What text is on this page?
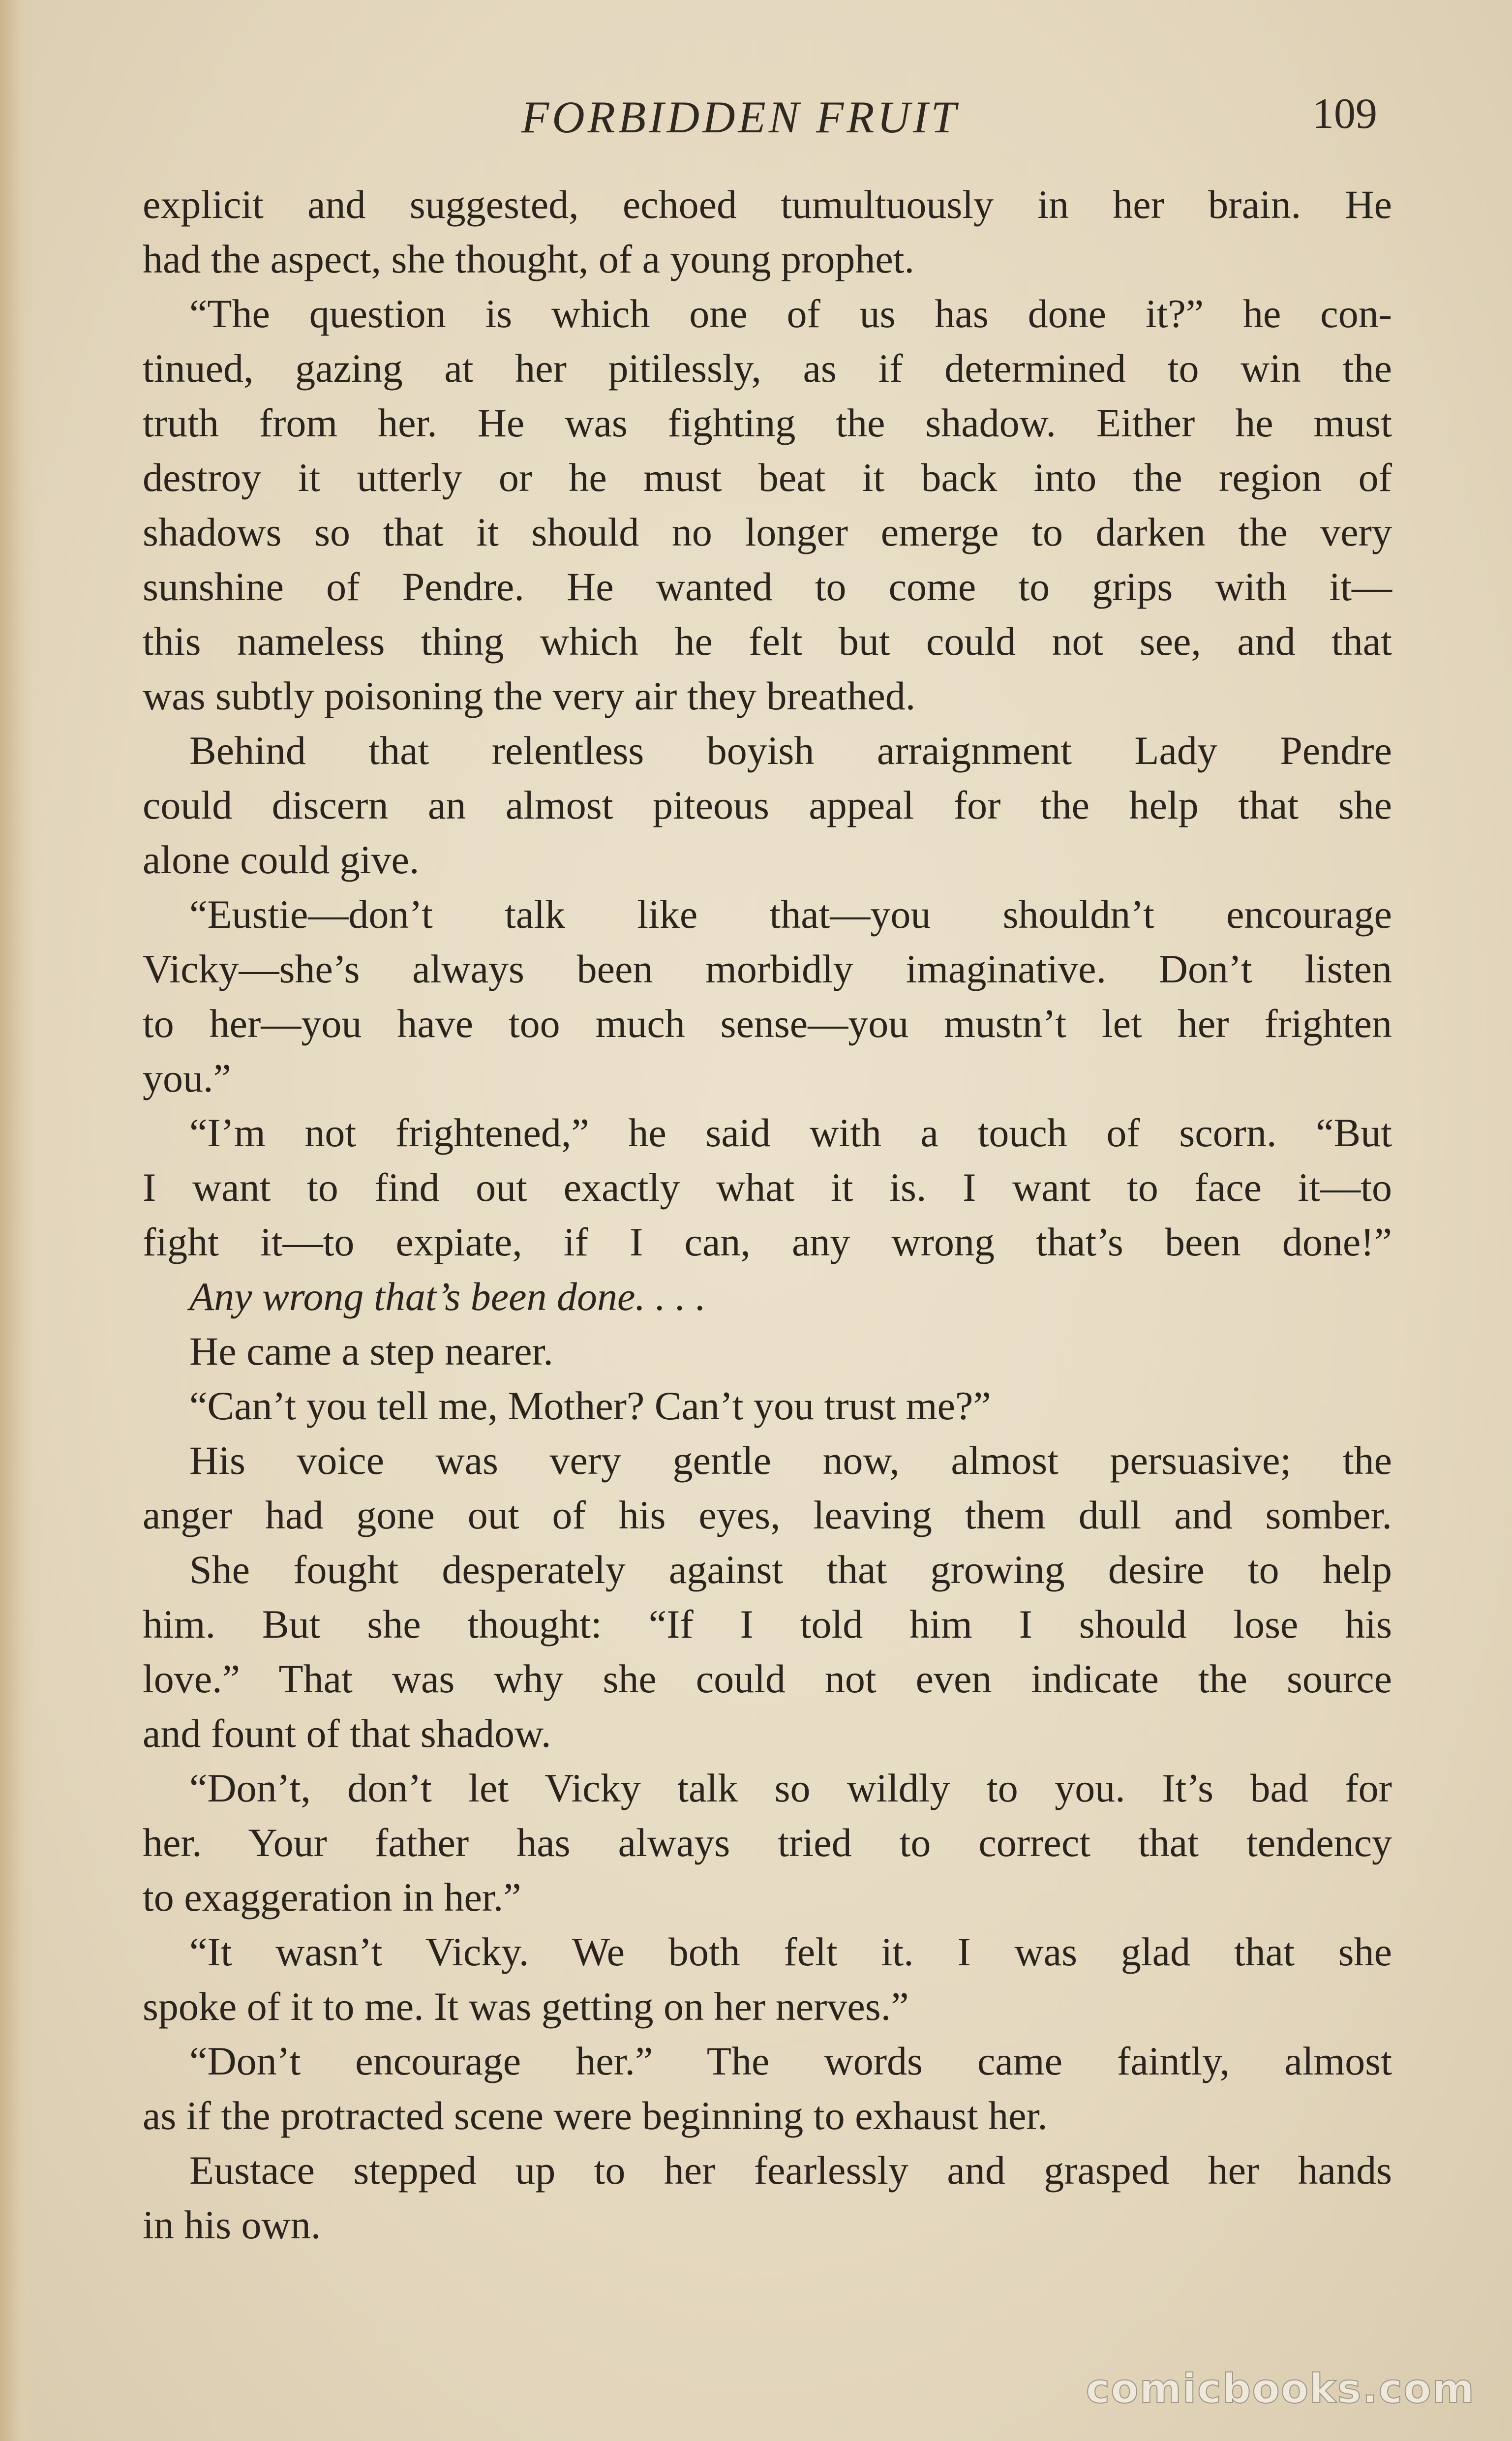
FORBIDDEN FRUIT	109
explicit and suggested, echoed tumultuously in her brain. He
had the aspect, she thought, of a young prophet.
“The question is which one of us has done it?” he con-
tinued, gazing at her pitilessly, as if determined to win the
truth from her. He was fighting the shadow. Either he must
destroy it utterly or he must beat it back into the region of
shadows so that it should no longer emerge to darken the very
sunshine of Pendre. He wanted to come to grips with it—
this nameless thing which he felt but could not see, and that
was subtly poisoning the very air they breathed.
Behind that relentless boyish arraignment Lady Pendre
could discern an almost piteous appeal for the help that she
alone could give.
“Eustie—don’t talk like that—you shouldn’t encourage
Vicky—she’s always been morbidly imaginative. Don’t listen
to her—you have too much sense—you mustn’t let her frighten
you.”
“I’m not frightened,” he said with a touch of scorn. “But
I want to find out exactly what it is. I want to face it—to
fight it—to expiate, if I can, any wrong that’s been done!”
Any wrong that’s been done. . . .
He came a step nearer.
“Can’t you tell me, Mother? Can’t you trust me?”
His voice was very gentle now, almost persuasive; the
anger had gone out of his eyes, leaving them dull and somber.
She fought desperately against that growing desire to help
him. But she thought: “If I told him I should lose his
love.” That was why she could not even indicate the source
and fount of that shadow.
“Don’t, don’t let Vicky talk so wildly to you. It’s bad for
her. Your father has always tried to correct that tendency
to exaggeration in her.”
“It wasn’t Vicky. We both felt it. I was glad that she
spoke of it to me. It was getting on her nerves.”
“Don’t encourage her.” The words came faintly, almost
as if the protracted scene were beginning to exhaust her.
Eustace stepped up to her fearlessly and grasped her hands
in his own.
comicbooks.com
